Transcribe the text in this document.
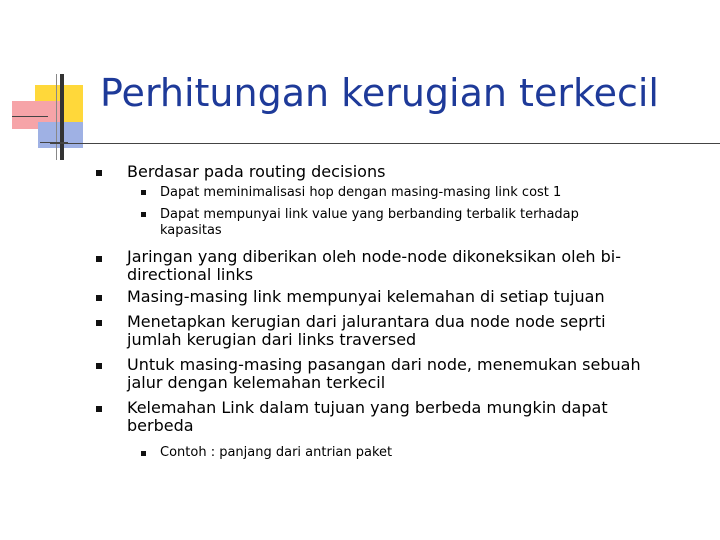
Perhitungan kerugian terkecil
Berdasar pada routing decisions
Dapat meminimalisasi hop dengan masing-masing link cost 1
Dapat mempunyai link value yang berbanding terbalik terhadap
kapasitas
Jaringan yang diberikan oleh node-node dikoneksikan oleh bi-
directional links
Masing-masing link mempunyai kelemahan di setiap tujuan
Menetapkan kerugian dari jalurantara dua node node seprti
jumlah kerugian dari links traversed
Untuk masing-masing pasangan dari node, menemukan sebuah
jalur dengan kelemahan terkecil
Kelemahan Link dalam tujuan yang berbeda mungkin dapat
berbeda
Contoh : panjang dari antrian paket
